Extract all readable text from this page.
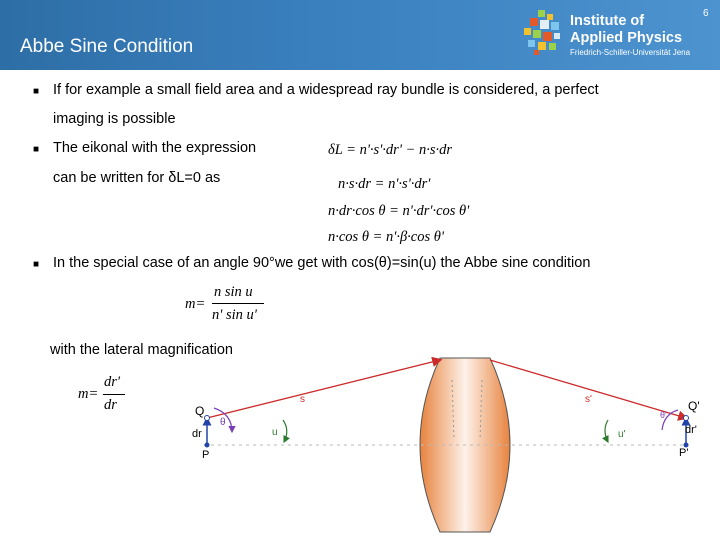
Abbe Sine Condition
6
Institute of
Applied Physics
Friedrich-Schiller-Universität Jena
■ If for example a small field area and a widespread ray bundle is considered, a perfect
imaging is possible
■ The eikonal with the expression
can be written for δL=0 as
δL = n'·s'·dr' − n·s·dr
n·s·dr = n'·s'·dr'
n·dr·cos θ = n'·dr'·cos θ'
n·cos θ = n'·β·cos θ'
■ In the special case of an angle 90°we get with cos(θ)=sin(u) the Abbe sine condition
m=
n sin u
n' sin u'
with the lateral magnification
m=
dr'
dr	Q
dr
P
θ
u
s	s'
u'
θ'
Q'
dr'
P'
